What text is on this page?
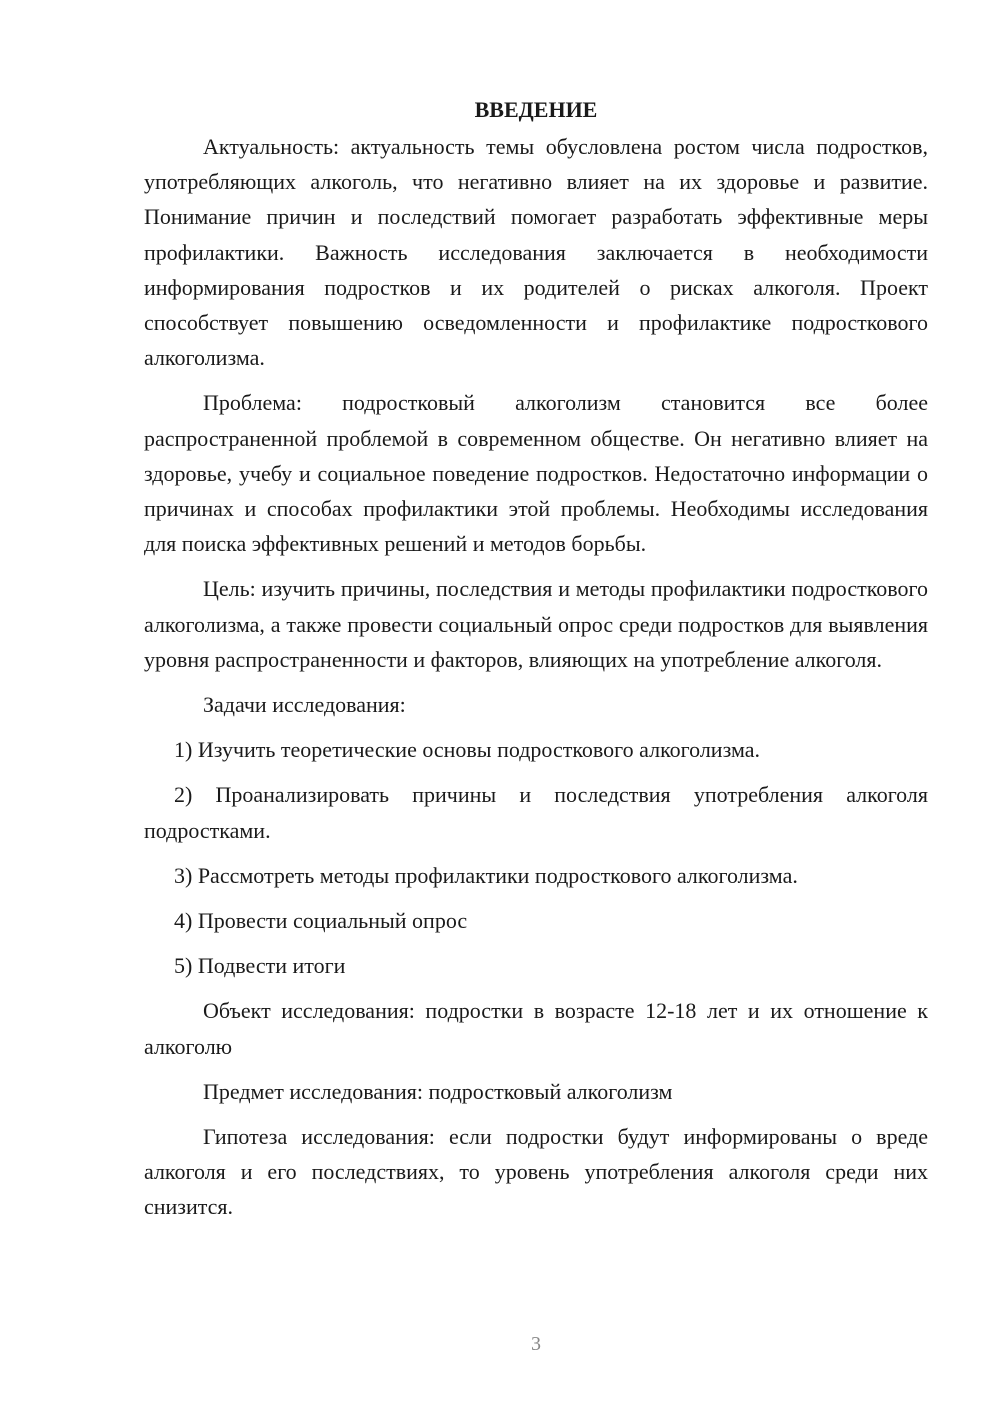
ВВЕДЕНИЕ

Актуальность: актуальность темы обусловлена ростом числа подростков, употребляющих алкоголь, что негативно влияет на их здоровье и развитие. Понимание причин и последствий помогает разработать эффективные меры профилактики. Важность исследования заключается в необходимости информирования подростков и их родителей о рисках алкоголя. Проект способствует повышению осведомленности и профилактике подросткового алкоголизма.

Проблема: подростковый алкоголизм становится все более распространенной проблемой в современном обществе. Он негативно влияет на здоровье, учебу и социальное поведение подростков. Недостаточно информации о причинах и способах профилактики этой проблемы. Необходимы исследования для поиска эффективных решений и методов борьбы.

Цель: изучить причины, последствия и методы профилактики подросткового алкоголизма, а также провести социальный опрос среди подростков для выявления уровня распространенности и факторов, влияющих на употребление алкоголя.

Задачи исследования:

1) Изучить теоретические основы подросткового алкоголизма.

2) Проанализировать причины и последствия употребления алкоголя подростками.

3) Рассмотреть методы профилактики подросткового алкоголизма.

4) Провести социальный опрос

5) Подвести итоги

Объект исследования: подростки в возрасте 12-18 лет и их отношение к алкоголю

Предмет исследования: подростковый алкоголизм

Гипотеза исследования: если подростки будут информированы о вреде алкоголя и его последствиях, то уровень употребления алкоголя среди них снизится.

3
